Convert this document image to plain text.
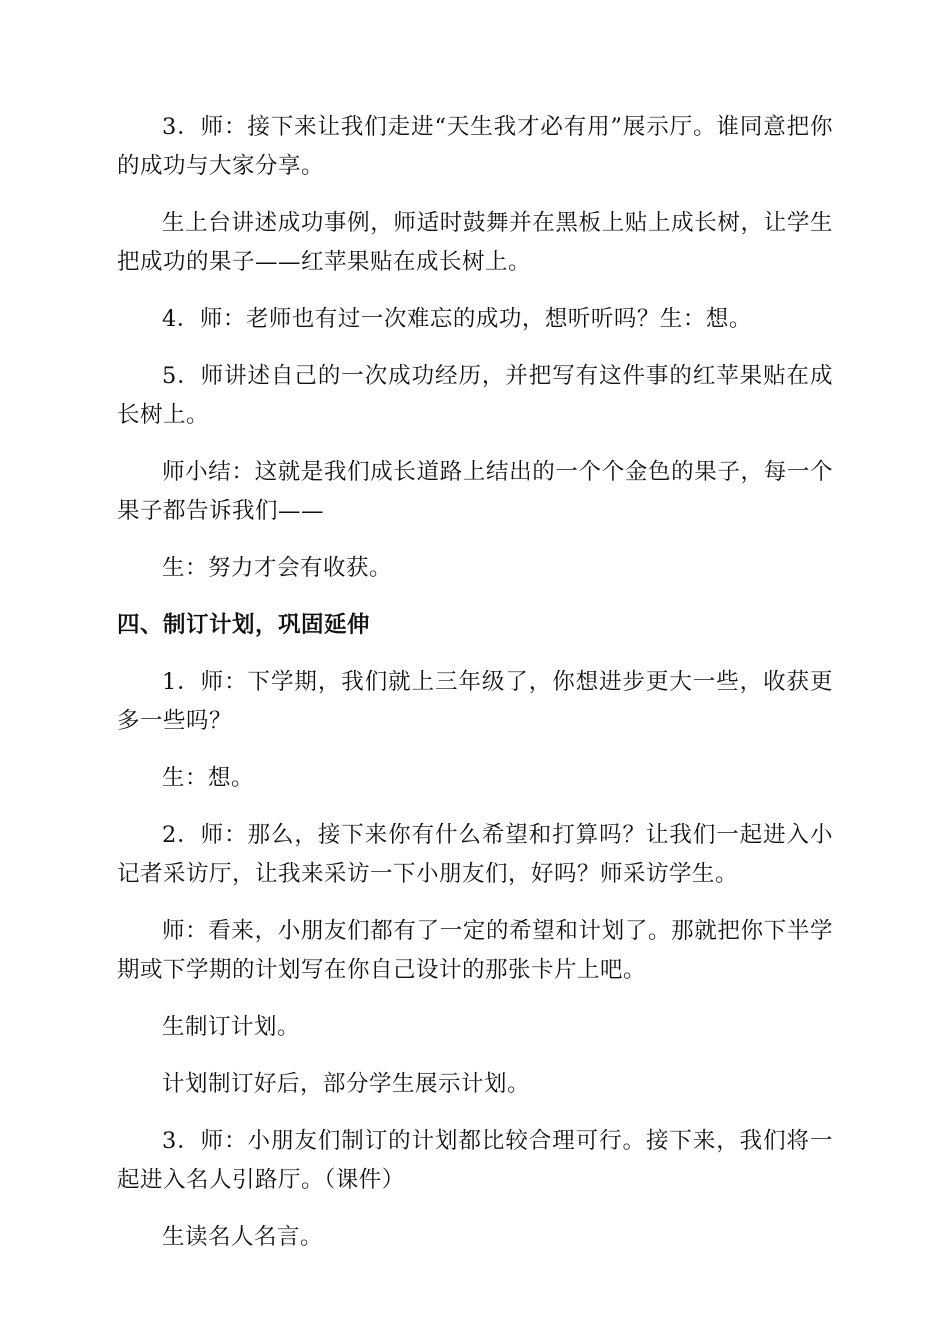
3．师：接下来让我们走进“天生我才必有用”展示厅。谁同意把你的成功与大家分享。

生上台讲述成功事例，师适时鼓舞并在黑板上贴上成长树，让学生把成功的果子——红苹果贴在成长树上。

4．师：老师也有过一次难忘的成功，想听听吗？生：想。

5．师讲述自己的一次成功经历，并把写有这件事的红苹果贴在成长树上。

师小结：这就是我们成长道路上结出的一个个金色的果子，每一个果子都告诉我们——

生：努力才会有收获。

四、制订计划，巩固延伸

1．师：下学期，我们就上三年级了，你想进步更大一些，收获更多一些吗？

生：想。

2．师：那么，接下来你有什么希望和打算吗？让我们一起进入小记者采访厅，让我来采访一下小朋友们，好吗？师采访学生。

师：看来，小朋友们都有了一定的希望和计划了。那就把你下半学期或下学期的计划写在你自己设计的那张卡片上吧。

生制订计划。

计划制订好后，部分学生展示计划。

3．师：小朋友们制订的计划都比较合理可行。接下来，我们将一起进入名人引路厅。（课件）

生读名人名言。
